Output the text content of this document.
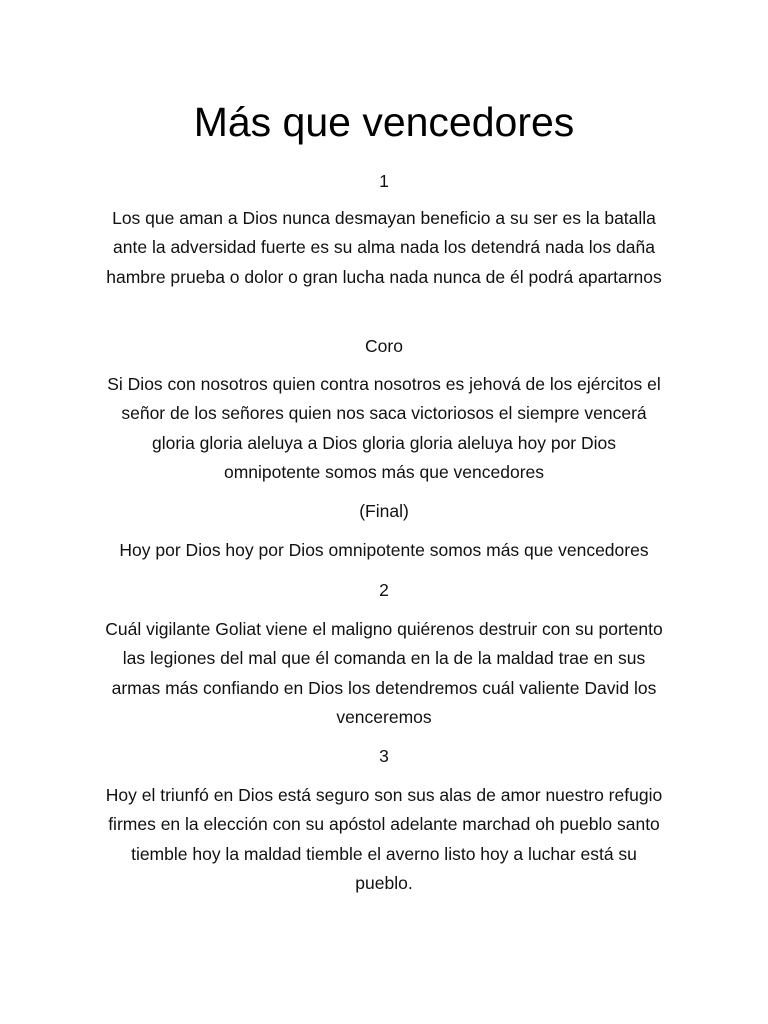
Más que vencedores

1

Los que aman a Dios nunca desmayan beneficio a su ser es la batalla ante la adversidad fuerte es su alma nada los detendrá nada los daña hambre prueba o dolor o gran lucha nada nunca de él podrá apartarnos

Coro

Si Dios con nosotros quien contra nosotros es jehová de los ejércitos el señor de los señores quien nos saca victoriosos el siempre vencerá gloria gloria aleluya a Dios gloria gloria aleluya hoy por Dios omnipotente somos más que vencedores

(Final)

Hoy por Dios hoy por Dios omnipotente somos más que vencedores

2

Cuál vigilante Goliat viene el maligno quiérenos destruir con su portento las legiones del mal que él comanda en la de la maldad trae en sus armas más confiando en Dios los detendremos cuál valiente David los venceremos

3

Hoy el triunfó en Dios está seguro son sus alas de amor nuestro refugio firmes en la elección con su apóstol adelante marchad oh pueblo santo tiemble hoy la maldad tiemble el averno listo hoy a luchar está su pueblo.
